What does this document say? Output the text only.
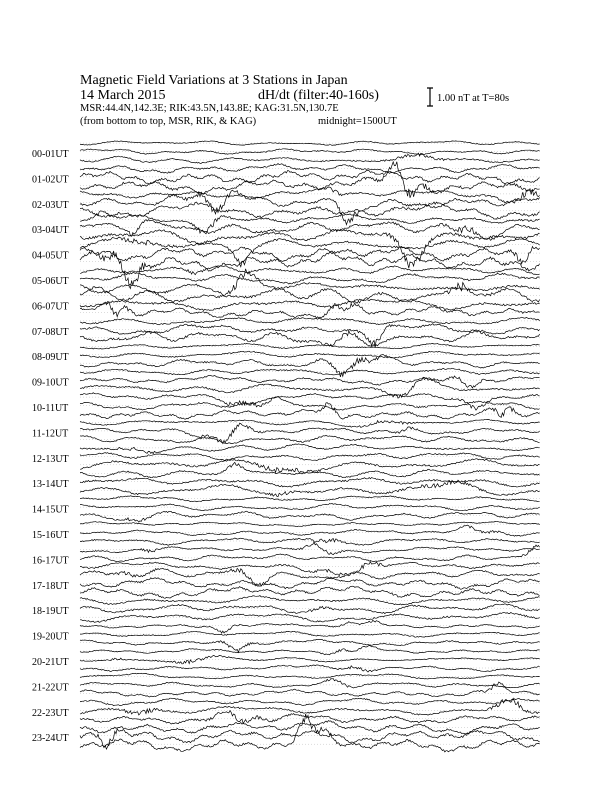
00-01UT
01-02UT
02-03UT
03-04UT
04-05UT
05-06UT
06-07UT
07-08UT
08-09UT
09-10UT
10-11UT
11-12UT
12-13UT
13-14UT
14-15UT
15-16UT
16-17UT
17-18UT
18-19UT
19-20UT
20-21UT
21-22UT
22-23UT
23-24UT
Magnetic Field Variations at 3 Stations in Japan
14 March 2015	dH/dt (filter:40-160s)
MSR:44.4N,142.3E; RIK:43.5N,143.8E; KAG:31.5N,130.7E
(from bottom to top, MSR, RIK, & KAG)	midnight=1500UT
1.00 nT at T=80s
